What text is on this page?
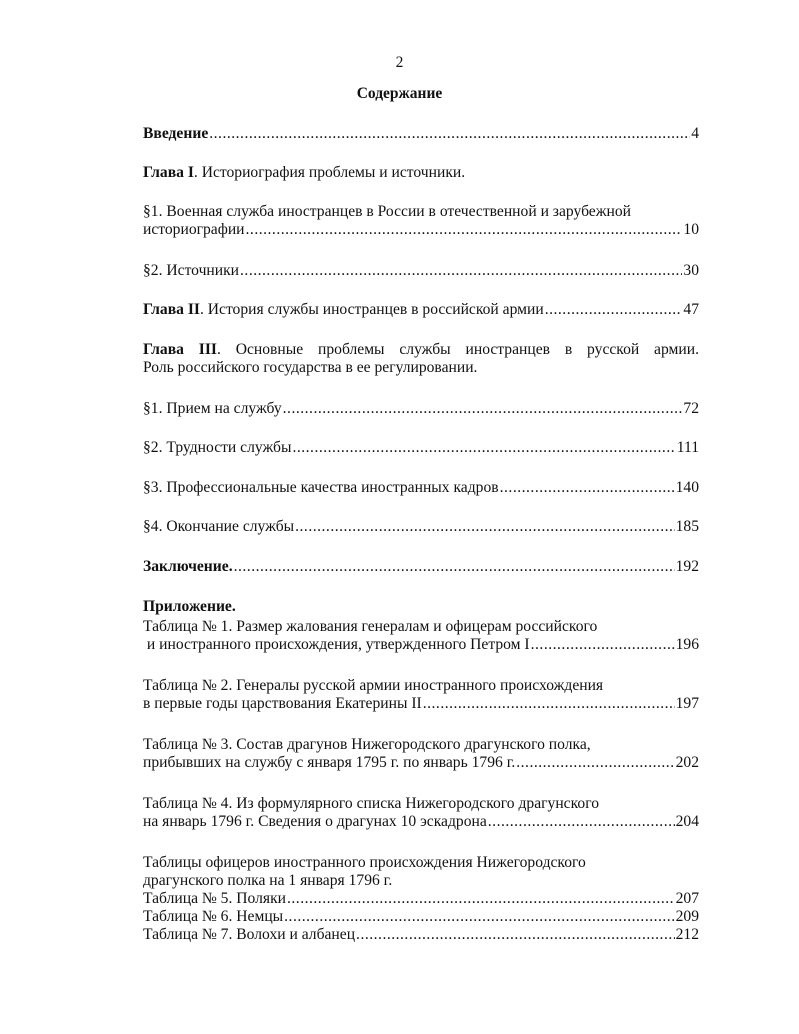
2
Содержание
Введение .....	4
Глава I. Историография проблемы и источники.
§1. Военная служба иностранцев в России в отечественной и зарубежной
историографии .....	10
§2. Источники .....	30
Глава II. История службы иностранцев в российской армии .....	47
Глава III. Основные проблемы службы иностранцев в русской армии.
Роль российского государства в ее регулировании.
§1. Прием на службу .....	72
§2. Трудности службы .....	111
§3. Профессиональные качества иностранных кадров .....	140
§4. Окончание службы .....	185
Заключение. .....	192
Приложение.
Таблица № 1. Размер жалования генералам и офицерам российского
и иностранного происхождения, утвержденного Петром I .....	196
Таблица № 2. Генералы русской армии иностранного происхождения
в первые годы царствования Екатерины II .....	197
Таблица № 3. Состав драгунов Нижегородского драгунского полка,
прибывших на службу с января 1795 г. по январь 1796 г. .....	202
Таблица № 4. Из формулярного списка Нижегородского драгунского
на январь 1796 г. Сведения о драгунах 10 эскадрона .....	204
Таблицы офицеров иностранного происхождения Нижегородского
драгунского полка на 1 января 1796 г.
Таблица № 5. Поляки .....	207
Таблица № 6. Немцы .....	209
Таблица № 7. Волохи и албанец .....	212
